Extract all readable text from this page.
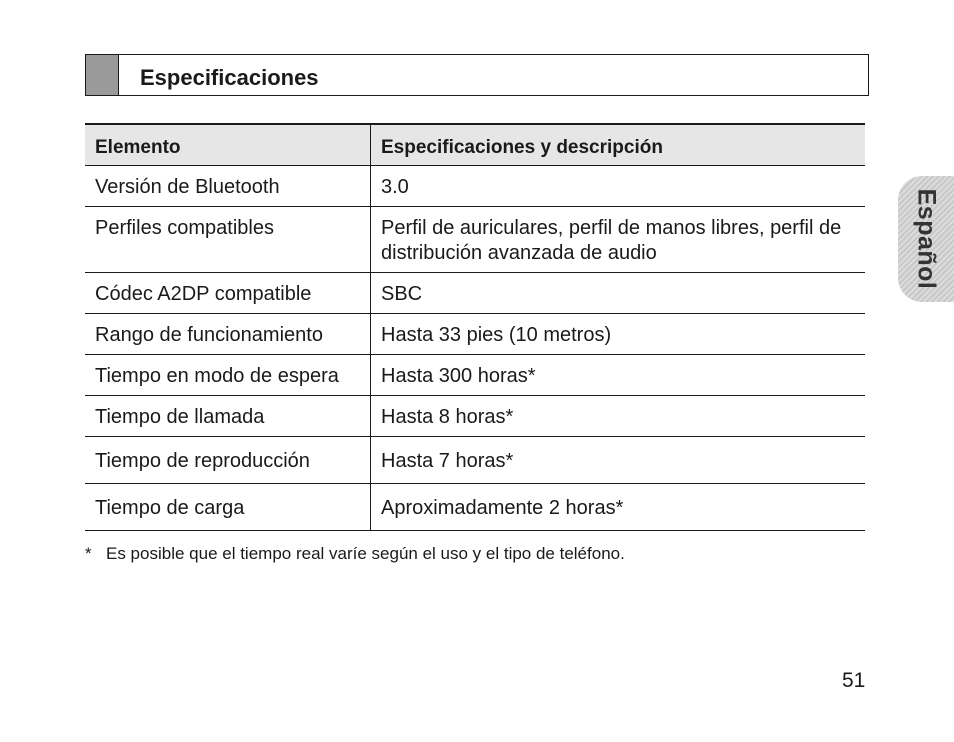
Especificaciones
Elemento	Especificaciones y descripción
Versión de Bluetooth	3.0
Perfiles compatibles	Perfil de auriculares, perfil de manos libres, perfil de distribución avanzada de audio
Códec A2DP compatible	SBC
Rango de funcionamiento	Hasta 33 pies (10 metros)
Tiempo en modo de espera	Hasta 300 horas*
Tiempo de llamada	Hasta 8 horas*
Tiempo de reproducción	Hasta 7 horas*
Tiempo de carga	Aproximadamente 2 horas*
* Es posible que el tiempo real varíe según el uso y el tipo de teléfono.
Español
51
